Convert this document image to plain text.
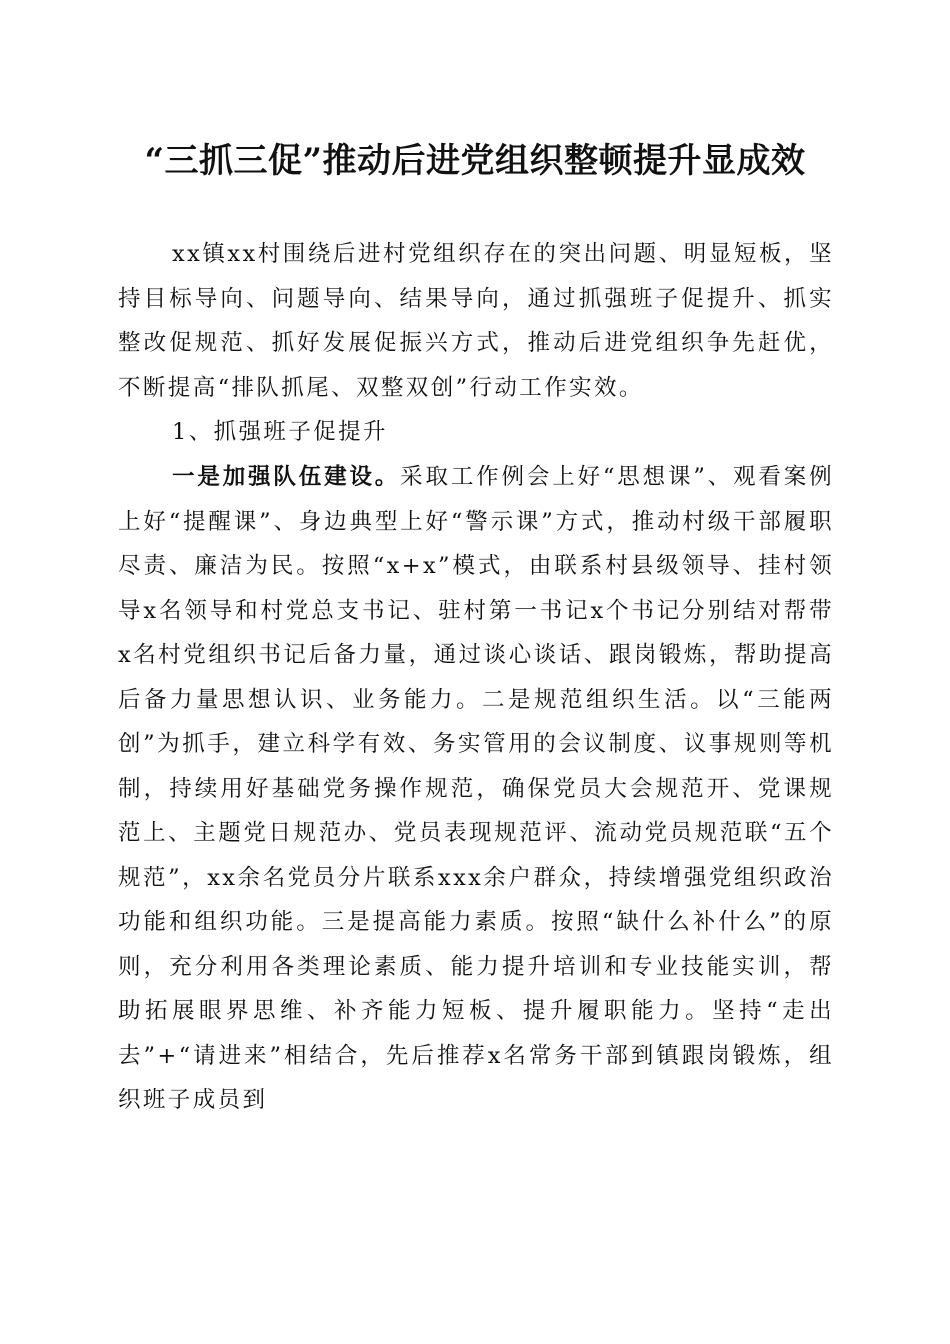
“三抓三促”推动后进党组织整顿提升显成效

xx镇xx村围绕后进村党组织存在的突出问题、明显短板，坚持目标导向、问题导向、结果导向，通过抓强班子促提升、抓实整改促规范、抓好发展促振兴方式，推动后进党组织争先赶优，不断提高“排队抓尾、双整双创”行动工作实效。

1、抓强班子促提升

一是加强队伍建设。采取工作例会上好“思想课”、观看案例上好“提醒课”、身边典型上好“警示课”方式，推动村级干部履职尽责、廉洁为民。按照“x+x”模式，由联系村县级领导、挂村领导x名领导和村党总支书记、驻村第一书记x个书记分别结对帮带x名村党组织书记后备力量，通过谈心谈话、跟岗锻炼，帮助提高后备力量思想认识、业务能力。二是规范组织生活。以“三能两创”为抓手，建立科学有效、务实管用的会议制度、议事规则等机制，持续用好基础党务操作规范，确保党员大会规范开、党课规范上、主题党日规范办、党员表现规范评、流动党员规范联“五个规范”，xx余名党员分片联系xxx余户群众，持续增强党组织政治功能和组织功能。三是提高能力素质。按照“缺什么补什么”的原则，充分利用各类理论素质、能力提升培训和专业技能实训，帮助拓展眼界思维、补齐能力短板、提升履职能力。坚持“走出去”+“请进来”相结合，先后推荐x名常务干部到镇跟岗锻炼，组织班子成员到
